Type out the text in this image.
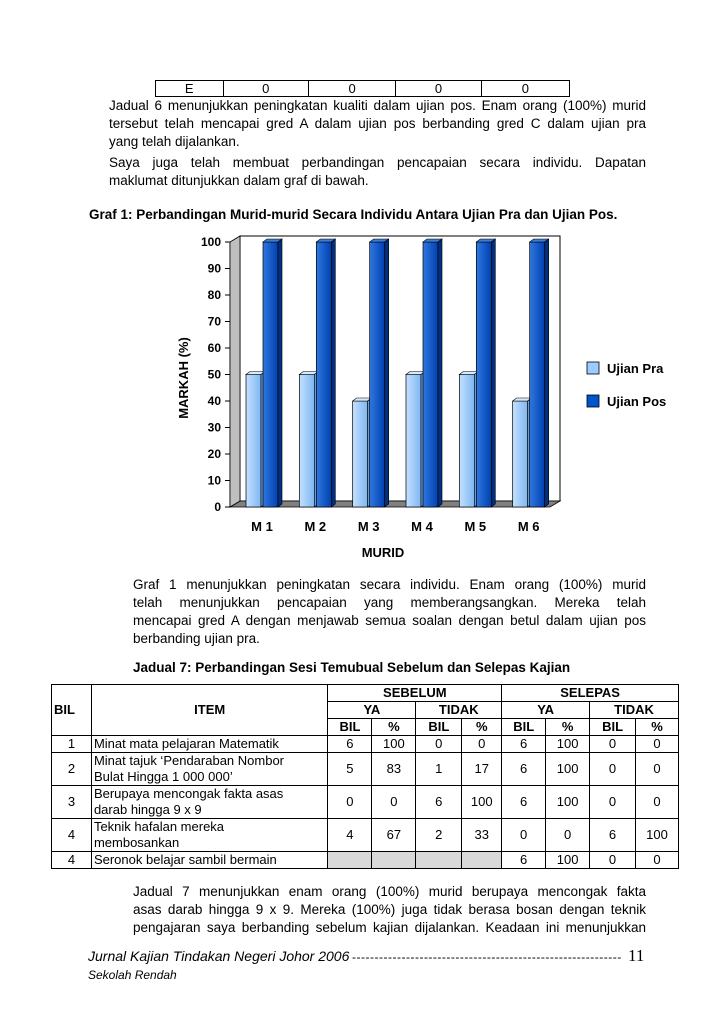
E	0	0	0	0
Jadual 6 menunjukkan peningkatan kualiti dalam ujian pos. Enam orang (100%) murid
tersebut telah mencapai gred A dalam ujian pos berbanding gred C dalam ujian pra
yang telah dijalankan.
Saya juga telah membuat perbandingan pencapaian secara individu. Dapatan
maklumat ditunjukkan dalam graf di bawah.
Graf 1: Perbandingan Murid-murid Secara Individu Antara Ujian Pra dan Ujian Pos.
0
10
20
30
40
50
60
70
80
90
100
M 1 M 2 M 3 M 4 M 5 M 6
MURID
MARKAH (%)	Ujian Pra
Ujian Pos
Graf 1 menunjukkan peningkatan secara individu. Enam orang (100%) murid
telah menunjukkan pencapaian yang memberangsangkan. Mereka telah
mencapai gred A dengan menjawab semua soalan dengan betul dalam ujian pos
berbanding ujian pra.
Jadual 7: Perbandingan Sesi Temubual Sebelum dan Selepas Kajian
BIL	ITEM	SEBELUM				SELEPAS			
		YA		TIDAK		YA		TIDAK	
		BIL	%	BIL	%	BIL	%	BIL	%
1	Minat mata pelajaran Matematik	6	100	0	0	6	100	0	0
2	Minat tajuk ‘Pendaraban Nombor
Bulat Hingga 1 000 000’	5	83	1	17	6	100	0	0
3	Berupaya mencongak fakta asas
darab hingga 9 x 9	0	0	6	100	6	100	0	0
4	Teknik hafalan mereka
membosankan	4	67	2	33	0	0	6	100
4	Seronok belajar sambil bermain					6	100	0	0
Jadual 7 menunjukkan enam orang (100%) murid berupaya mencongak fakta
asas darab hingga 9 x 9. Mereka (100%) juga tidak berasa bosan dengan teknik
pengajaran saya berbanding sebelum kajian dijalankan. Keadaan ini menunjukkan
Jurnal Kajian Tindakan Negeri Johor 2006 ------------------------------------------------------------ 11
Sekolah Rendah
